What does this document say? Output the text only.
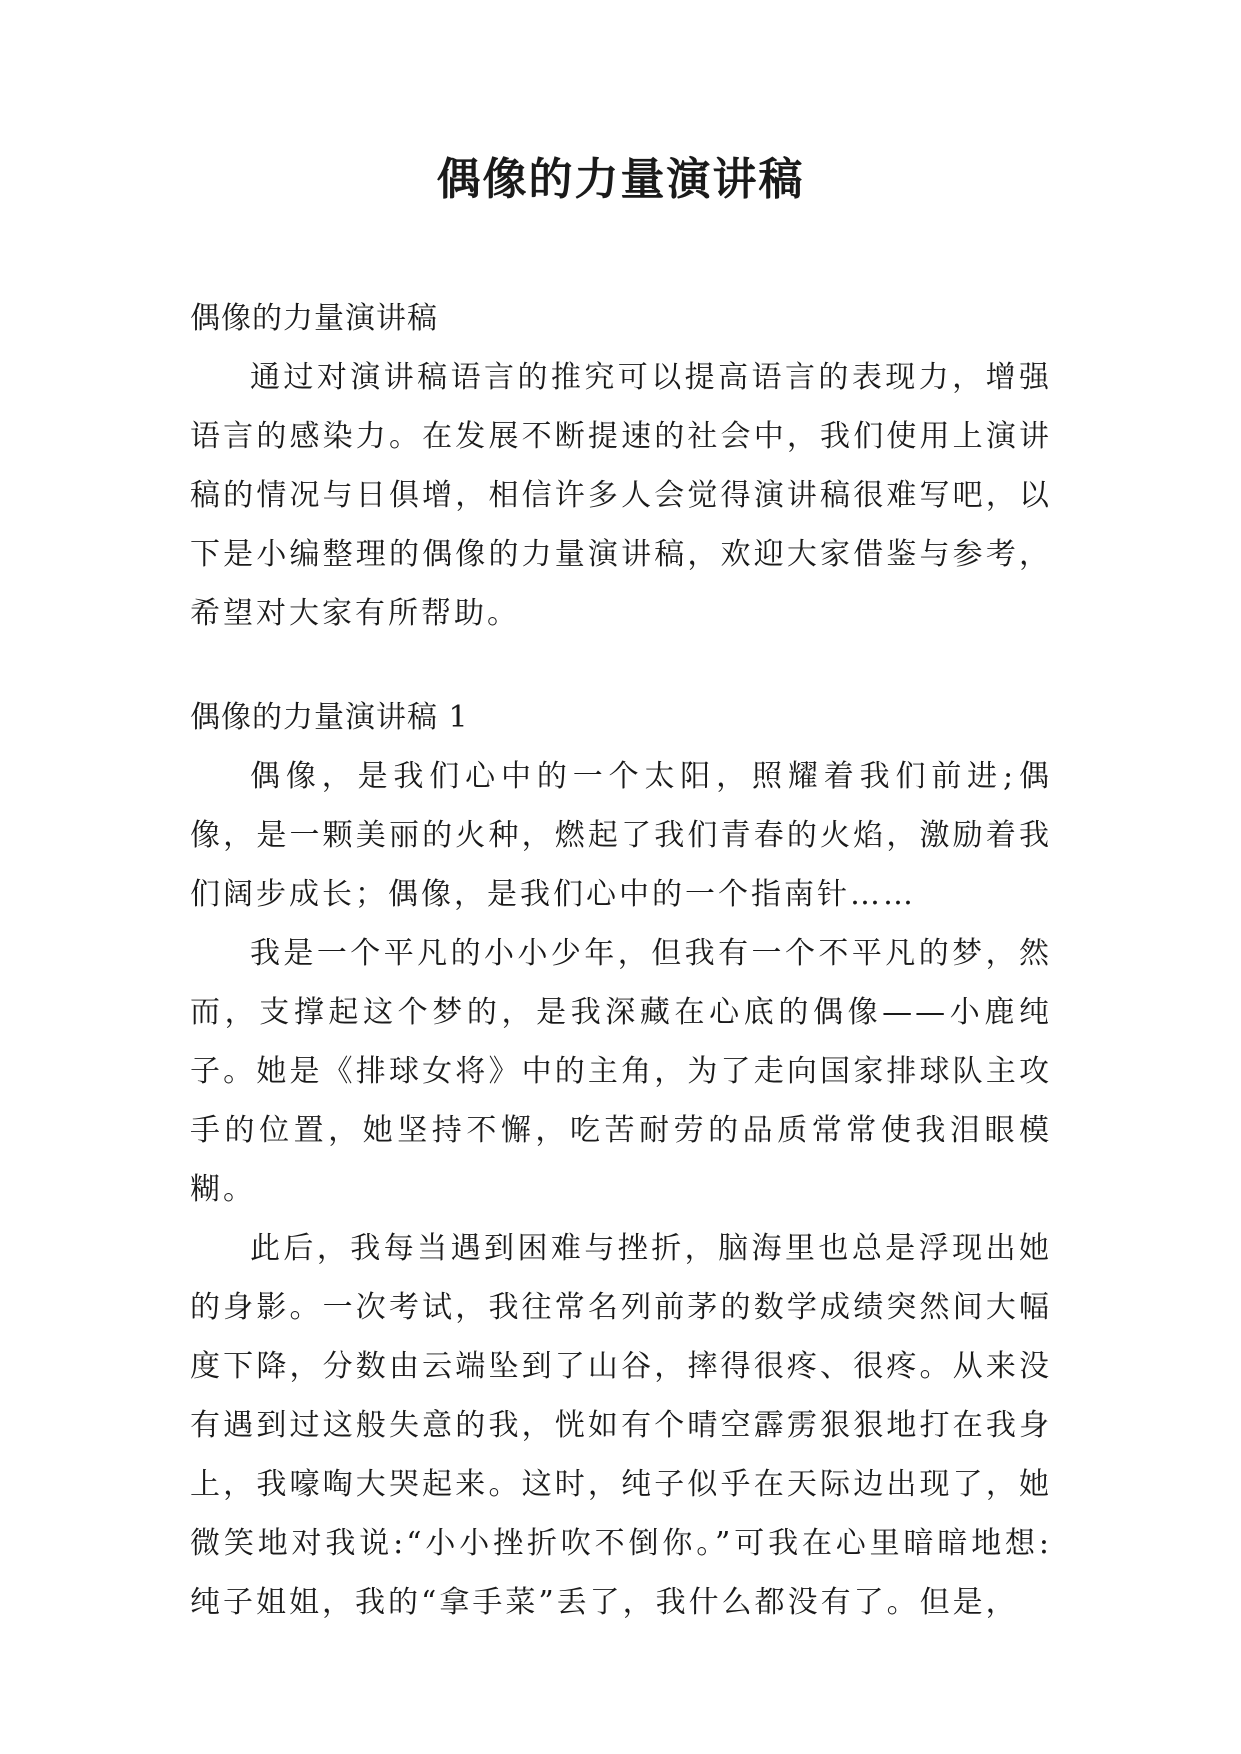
偶像的力量演讲稿

偶像的力量演讲稿

通过对演讲稿语言的推究可以提高语言的表现力，增强语言的感染力。在发展不断提速的社会中，我们使用上演讲稿的情况与日俱增，相信许多人会觉得演讲稿很难写吧，以下是小编整理的偶像的力量演讲稿，欢迎大家借鉴与参考，希望对大家有所帮助。

偶像的力量演讲稿 1

偶像，是我们心中的一个太阳，照耀着我们前进;偶像，是一颗美丽的火种，燃起了我们青春的火焰，激励着我们阔步成长；偶像，是我们心中的一个指南针……

我是一个平凡的小小少年，但我有一个不平凡的梦，然而，支撑起这个梦的，是我深藏在心底的偶像——小鹿纯子。她是《排球女将》中的主角，为了走向国家排球队主攻手的位置，她坚持不懈，吃苦耐劳的品质常常使我泪眼模糊。

此后，我每当遇到困难与挫折，脑海里也总是浮现出她的身影。一次考试，我往常名列前茅的数学成绩突然间大幅度下降，分数由云端坠到了山谷，摔得很疼、很疼。从来没有遇到过这般失意的我，恍如有个晴空霹雳狠狠地打在我身上，我嚎啕大哭起来。这时，纯子似乎在天际边出现了，她微笑地对我说:“小小挫折吹不倒你。”可我在心里暗暗地想:纯子姐姐，我的“拿手菜”丢了，我什么都没有了。但是，
